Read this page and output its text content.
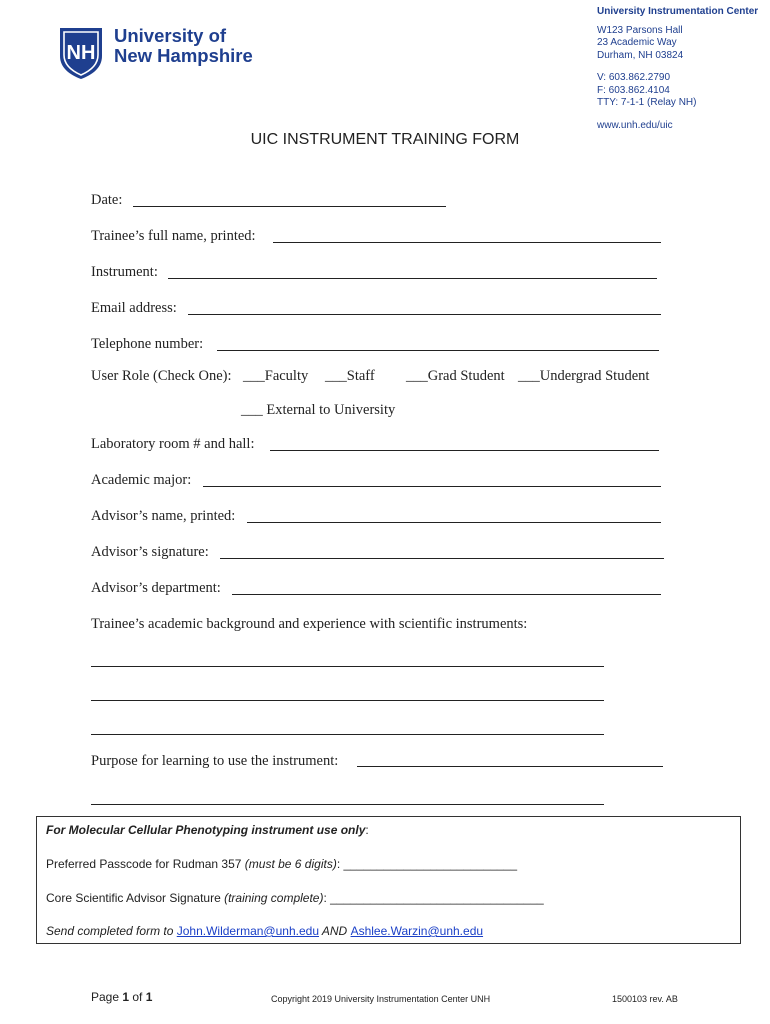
NH
University of
New Hampshire
University Instrumentation Center
W123 Parsons Hall
23 Academic Way
Durham, NH 03824
V: 603.862.2790
F: 603.862.4104
TTY: 7-1-1 (Relay NH)
www.unh.edu/uic
UIC INSTRUMENT TRAINING FORM
Date:
Trainee’s full name, printed:
Instrument:
Email address:
Telephone number:
User Role (Check One): ___Faculty ___Staff ___Grad Student ___Undergrad Student
___ External to University
Laboratory room # and hall:
Academic major:
Advisor’s name, printed:
Advisor’s signature:
Advisor’s department:
Trainee’s academic background and experience with scientific instruments:
Purpose for learning to use the instrument:
For Molecular Cellular Phenotyping instrument use only:
Preferred Passcode for Rudman 357 (must be 6 digits): __________________________
Core Scientific Advisor Signature (training complete): ________________________________
Send completed form to John.Wilderman@unh.edu AND Ashlee.Warzin@unh.edu
Page 1 of 1	Copyright 2019 University Instrumentation Center UNH	1500103 rev. AB
